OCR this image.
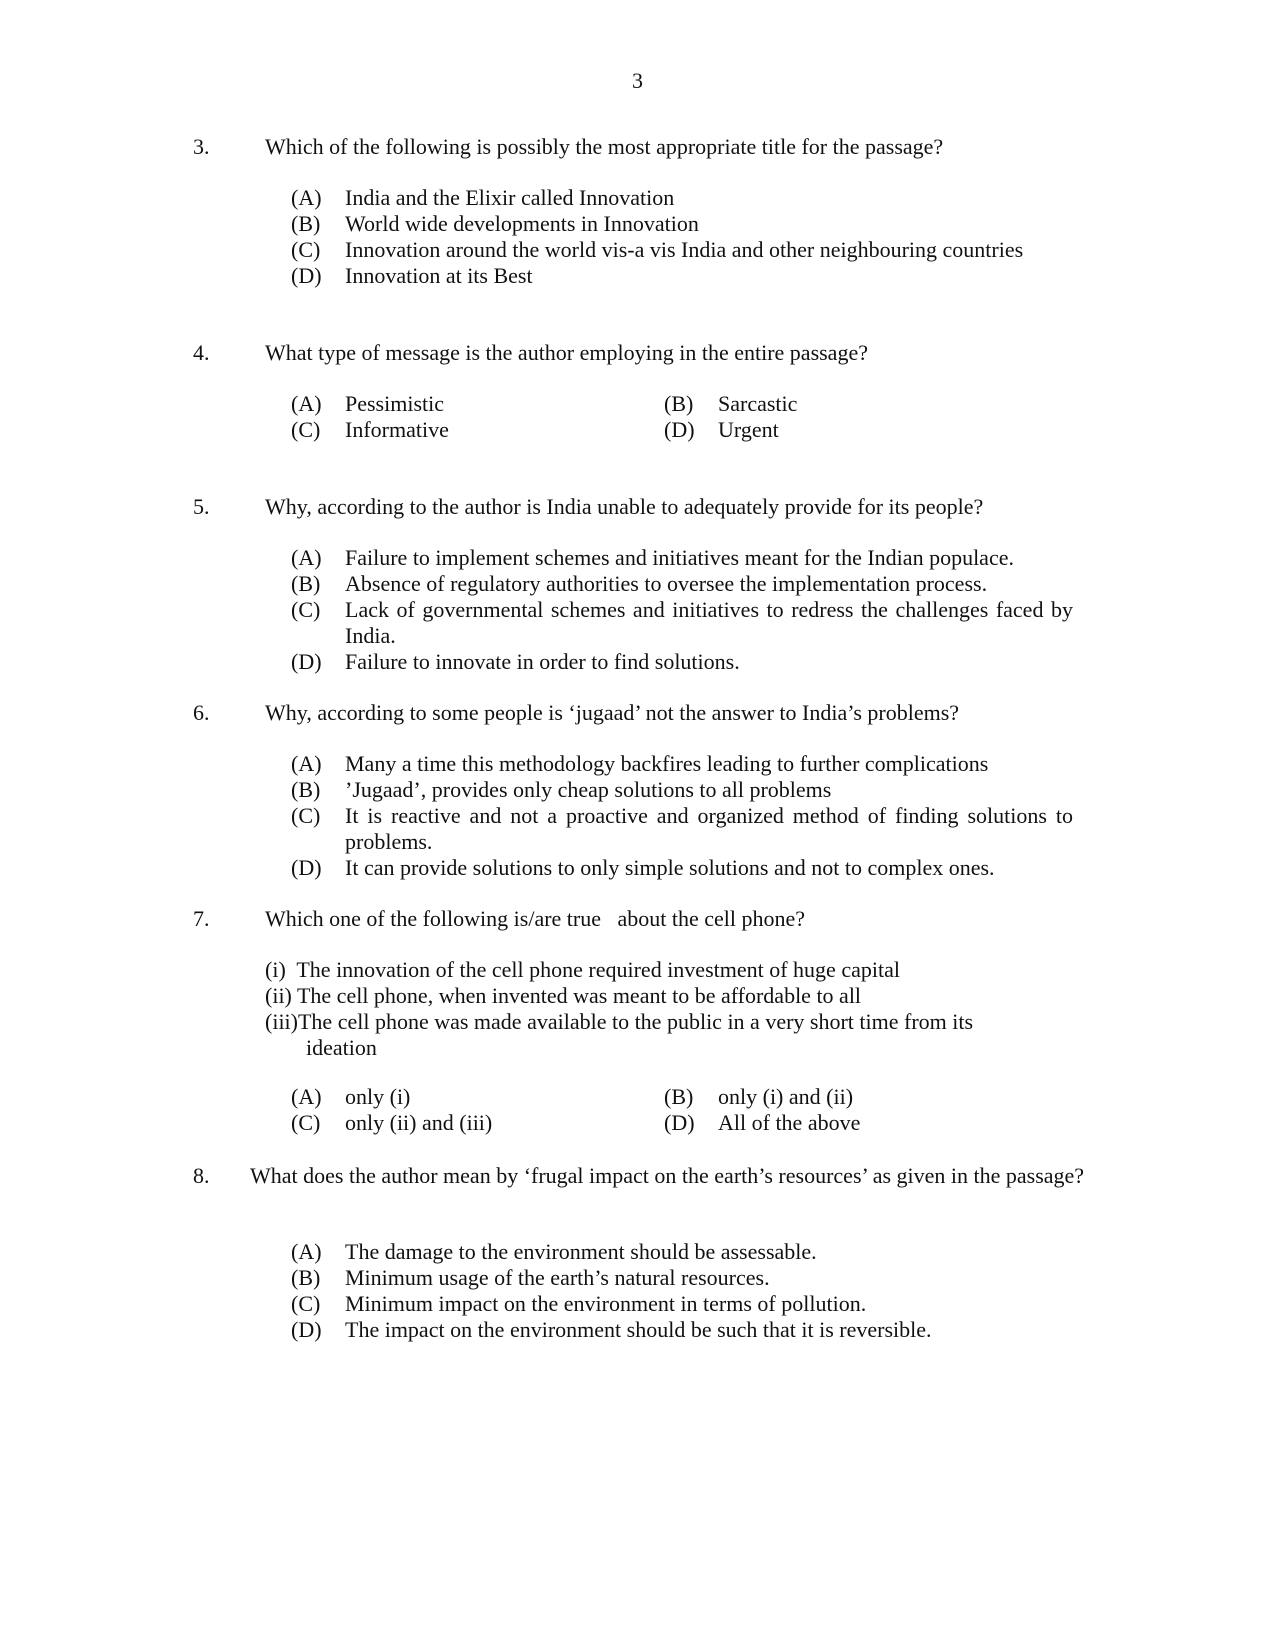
3
3.	Which of the following is possibly the most appropriate title for the passage?
(A) India and the Elixir called Innovation
(B) World wide developments in Innovation
(C) Innovation around the world vis-a vis India and other neighbouring countries
(D) Innovation at its Best
4.	What type of message is the author employing in the entire passage?
(A) Pessimistic	(B) Sarcastic
(C) Informative	(D) Urgent
5.	Why, according to the author is India unable to adequately provide for its people?
(A) Failure to implement schemes and initiatives meant for the Indian populace.
(B) Absence of regulatory authorities to oversee the implementation process.
(C) Lack of governmental schemes and initiatives to redress the challenges faced by India.
(D) Failure to innovate in order to find solutions.
6.	Why, according to some people is ‘jugaad’ not the answer to India’s problems?
(A) Many a time this methodology backfires leading to further complications
(B) ’Jugaad’, provides only cheap solutions to all problems
(C) It is reactive and not a proactive and organized method of finding solutions to problems.
(D) It can provide solutions to only simple solutions and not to complex ones.
7.	Which one of the following is/are true   about the cell phone?
(i)  The innovation of the cell phone required investment of huge capital
(ii) The cell phone, when invented was meant to be affordable to all
(iii)The cell phone was made available to the public in a very short time from its
ideation
(A) only (i)	(B) only (i) and (ii)
(C) only (ii) and (iii)	(D) All of the above
8. What does the author mean by ‘frugal impact on the earth’s resources’ as given in the passage?
(A) The damage to the environment should be assessable.
(B) Minimum usage of the earth’s natural resources.
(C) Minimum impact on the environment in terms of pollution.
(D) The impact on the environment should be such that it is reversible.
